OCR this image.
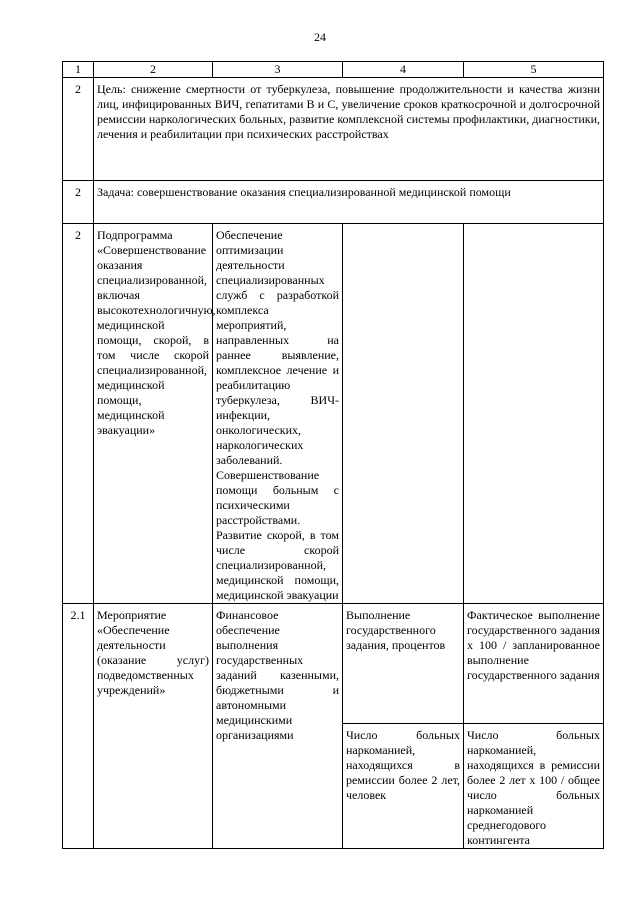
24
1	2	3	4	5
2	Цель: снижение смертности от туберкулеза, повышение продолжительности и качества жизни лиц, инфицированных ВИЧ, гепатитами В и С, увеличение сроков краткосрочной и долгосрочной ремиссии наркологических больных, развитие комплексной системы профилактики, диагностики, лечения и реабилитации при психических расстройствах			
2	Задача: совершенствование оказания специализированной медицинской помощи			
2	Подпрограмма «Совершенствование оказания специализированной, включая высокотехнологичную, медицинской помощи, скорой, в том числе скорой специализированной, медицинской помощи, медицинской эвакуации»	Обеспечение оптимизации деятельности специализированных служб с разработкой комплекса мероприятий, направленных на раннее выявление, комплексное лечение и реабилитацию туберкулеза, ВИЧ-инфекции, онкологических, наркологических заболеваний. Совершенствование помощи больным с психическими расстройствами. Развитие скорой, в том числе скорой специализированной, медицинской помощи, медицинской эвакуации		
2.1	Мероприятие «Обеспечение деятельности (оказание услуг) подведомственных учреждений»	Финансовое обеспечение выполнения государственных заданий казенными, бюджетными и автономными медицинскими организациями	Выполнение государственного задания, процентов	Фактическое выполнение государственного задания x 100 / запланированное выполнение государственного задания
			Число больных наркоманией, находящихся в ремиссии более 2 лет, человек	Число больных наркоманией, находящихся в ремиссии более 2 лет x 100 / общее число больных наркоманией среднегодового контингента
